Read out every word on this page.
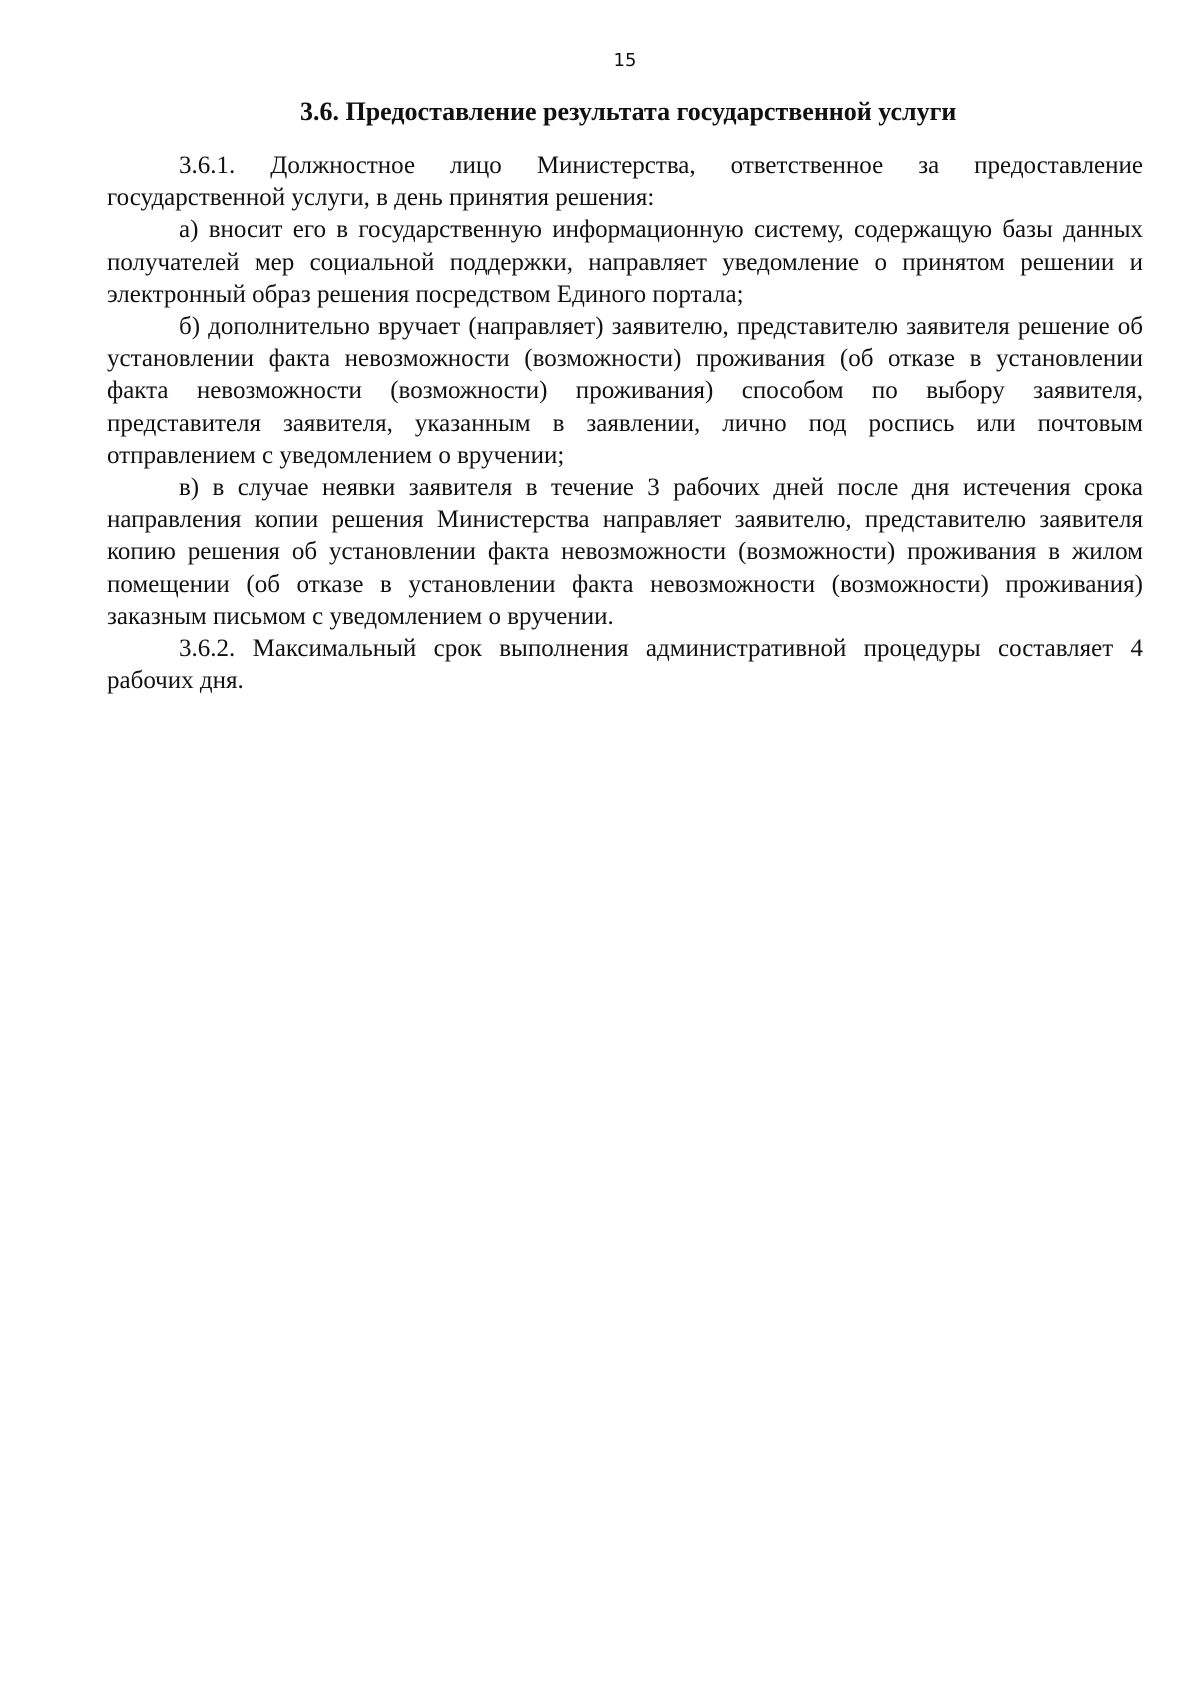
15
3.6. Предоставление результата государственной услуги

3.6.1. Должностное лицо Министерства, ответственное за предоставление государственной услуги, в день принятия решения:

а) вносит его в государственную информационную систему, содержащую базы данных получателей мер социальной поддержки, направляет уведомление о принятом решении и электронный образ решения посредством Единого портала;

б) дополнительно вручает (направляет) заявителю, представителю заявителя решение об установлении факта невозможности (возможности) проживания (об отказе в установлении факта невозможности (возможности) проживания) способом по выбору заявителя, представителя заявителя, указанным в заявлении, лично под роспись или почтовым отправлением с уведомлением о вручении;

в) в случае неявки заявителя в течение 3 рабочих дней после дня истечения срока направления копии решения Министерства направляет заявителю, представителю заявителя копию решения об установлении факта невозможности (возможности) проживания в жилом помещении (об отказе в установлении факта невозможности (возможности) проживания) заказным письмом с уведомлением о вручении.

3.6.2. Максимальный срок выполнения административной процедуры составляет 4 рабочих дня.
